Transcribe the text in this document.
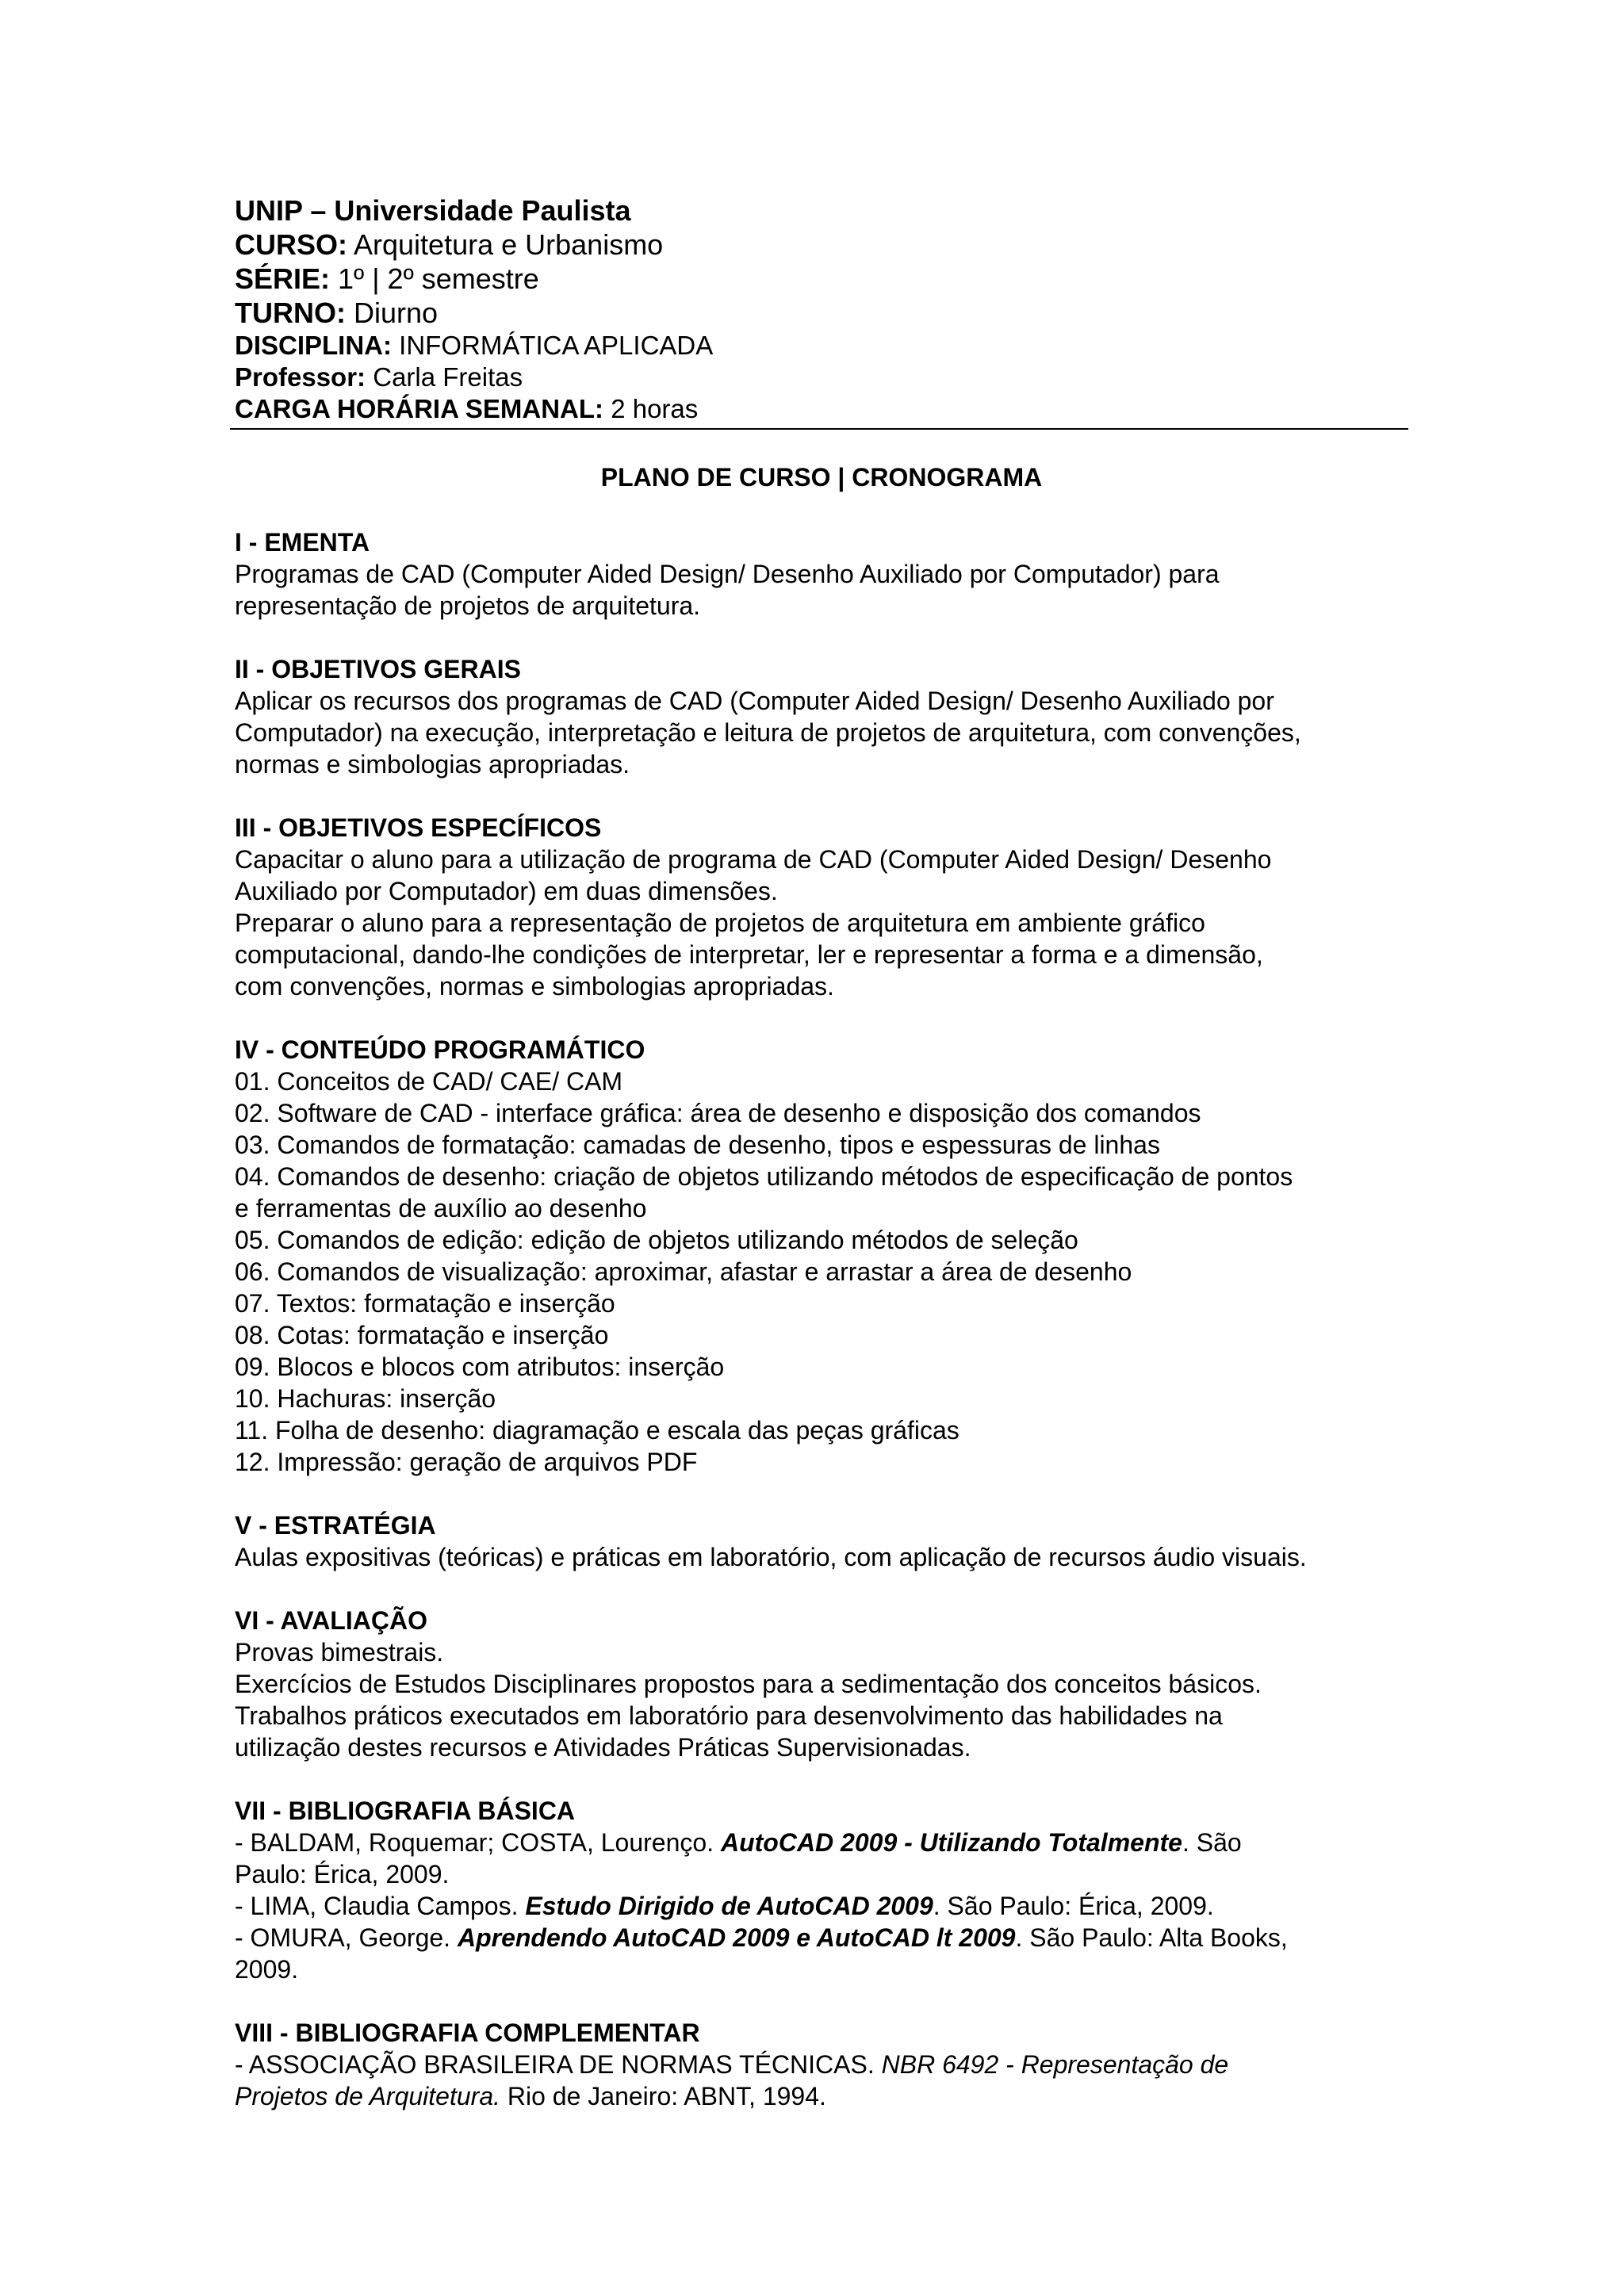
UNIP – Universidade Paulista

CURSO: Arquitetura e Urbanismo

SÉRIE: 1º | 2º semestre

TURNO: Diurno

DISCIPLINA: INFORMÁTICA APLICADA

Professor: Carla Freitas

CARGA HORÁRIA SEMANAL: 2 horas

PLANO DE CURSO | CRONOGRAMA

I - EMENTA

Programas de CAD (Computer Aided Design/ Desenho Auxiliado por Computador) para

representação de projetos de arquitetura.

II - OBJETIVOS GERAIS

Aplicar os recursos dos programas de CAD (Computer Aided Design/ Desenho Auxiliado por

Computador) na execução, interpretação e leitura de projetos de arquitetura, com convenções,

normas e simbologias apropriadas.

III - OBJETIVOS ESPECÍFICOS

Capacitar o aluno para a utilização de programa de CAD (Computer Aided Design/ Desenho

Auxiliado por Computador) em duas dimensões.

Preparar o aluno para a representação de projetos de arquitetura em ambiente gráfico

computacional, dando-lhe condições de interpretar, ler e representar a forma e a dimensão,

com convenções, normas e simbologias apropriadas.

IV - CONTEÚDO PROGRAMÁTICO

01. Conceitos de CAD/ CAE/ CAM

02. Software de CAD - interface gráfica: área de desenho e disposição dos comandos

03. Comandos de formatação: camadas de desenho, tipos e espessuras de linhas

04. Comandos de desenho: criação de objetos utilizando métodos de especificação de pontos

e ferramentas de auxílio ao desenho

05. Comandos de edição: edição de objetos utilizando métodos de seleção

06. Comandos de visualização: aproximar, afastar e arrastar a área de desenho

07. Textos: formatação e inserção

08. Cotas: formatação e inserção

09. Blocos e blocos com atributos: inserção

10. Hachuras: inserção

11. Folha de desenho: diagramação e escala das peças gráficas

12. Impressão: geração de arquivos PDF

V - ESTRATÉGIA

Aulas expositivas (teóricas) e práticas em laboratório, com aplicação de recursos áudio visuais.

VI - AVALIAÇÃO

Provas bimestrais.

Exercícios de Estudos Disciplinares propostos para a sedimentação dos conceitos básicos.

Trabalhos práticos executados em laboratório para desenvolvimento das habilidades na

utilização destes recursos e Atividades Práticas Supervisionadas.

VII - BIBLIOGRAFIA BÁSICA

- BALDAM, Roquemar; COSTA, Lourenço. AutoCAD 2009 - Utilizando Totalmente. São

Paulo: Érica, 2009.

- LIMA, Claudia Campos. Estudo Dirigido de AutoCAD 2009. São Paulo: Érica, 2009.

- OMURA, George. Aprendendo AutoCAD 2009 e AutoCAD lt 2009. São Paulo: Alta Books,

2009.

VIII - BIBLIOGRAFIA COMPLEMENTAR

- ASSOCIAÇÃO BRASILEIRA DE NORMAS TÉCNICAS. NBR 6492 - Representação de

Projetos de Arquitetura. Rio de Janeiro: ABNT, 1994.
